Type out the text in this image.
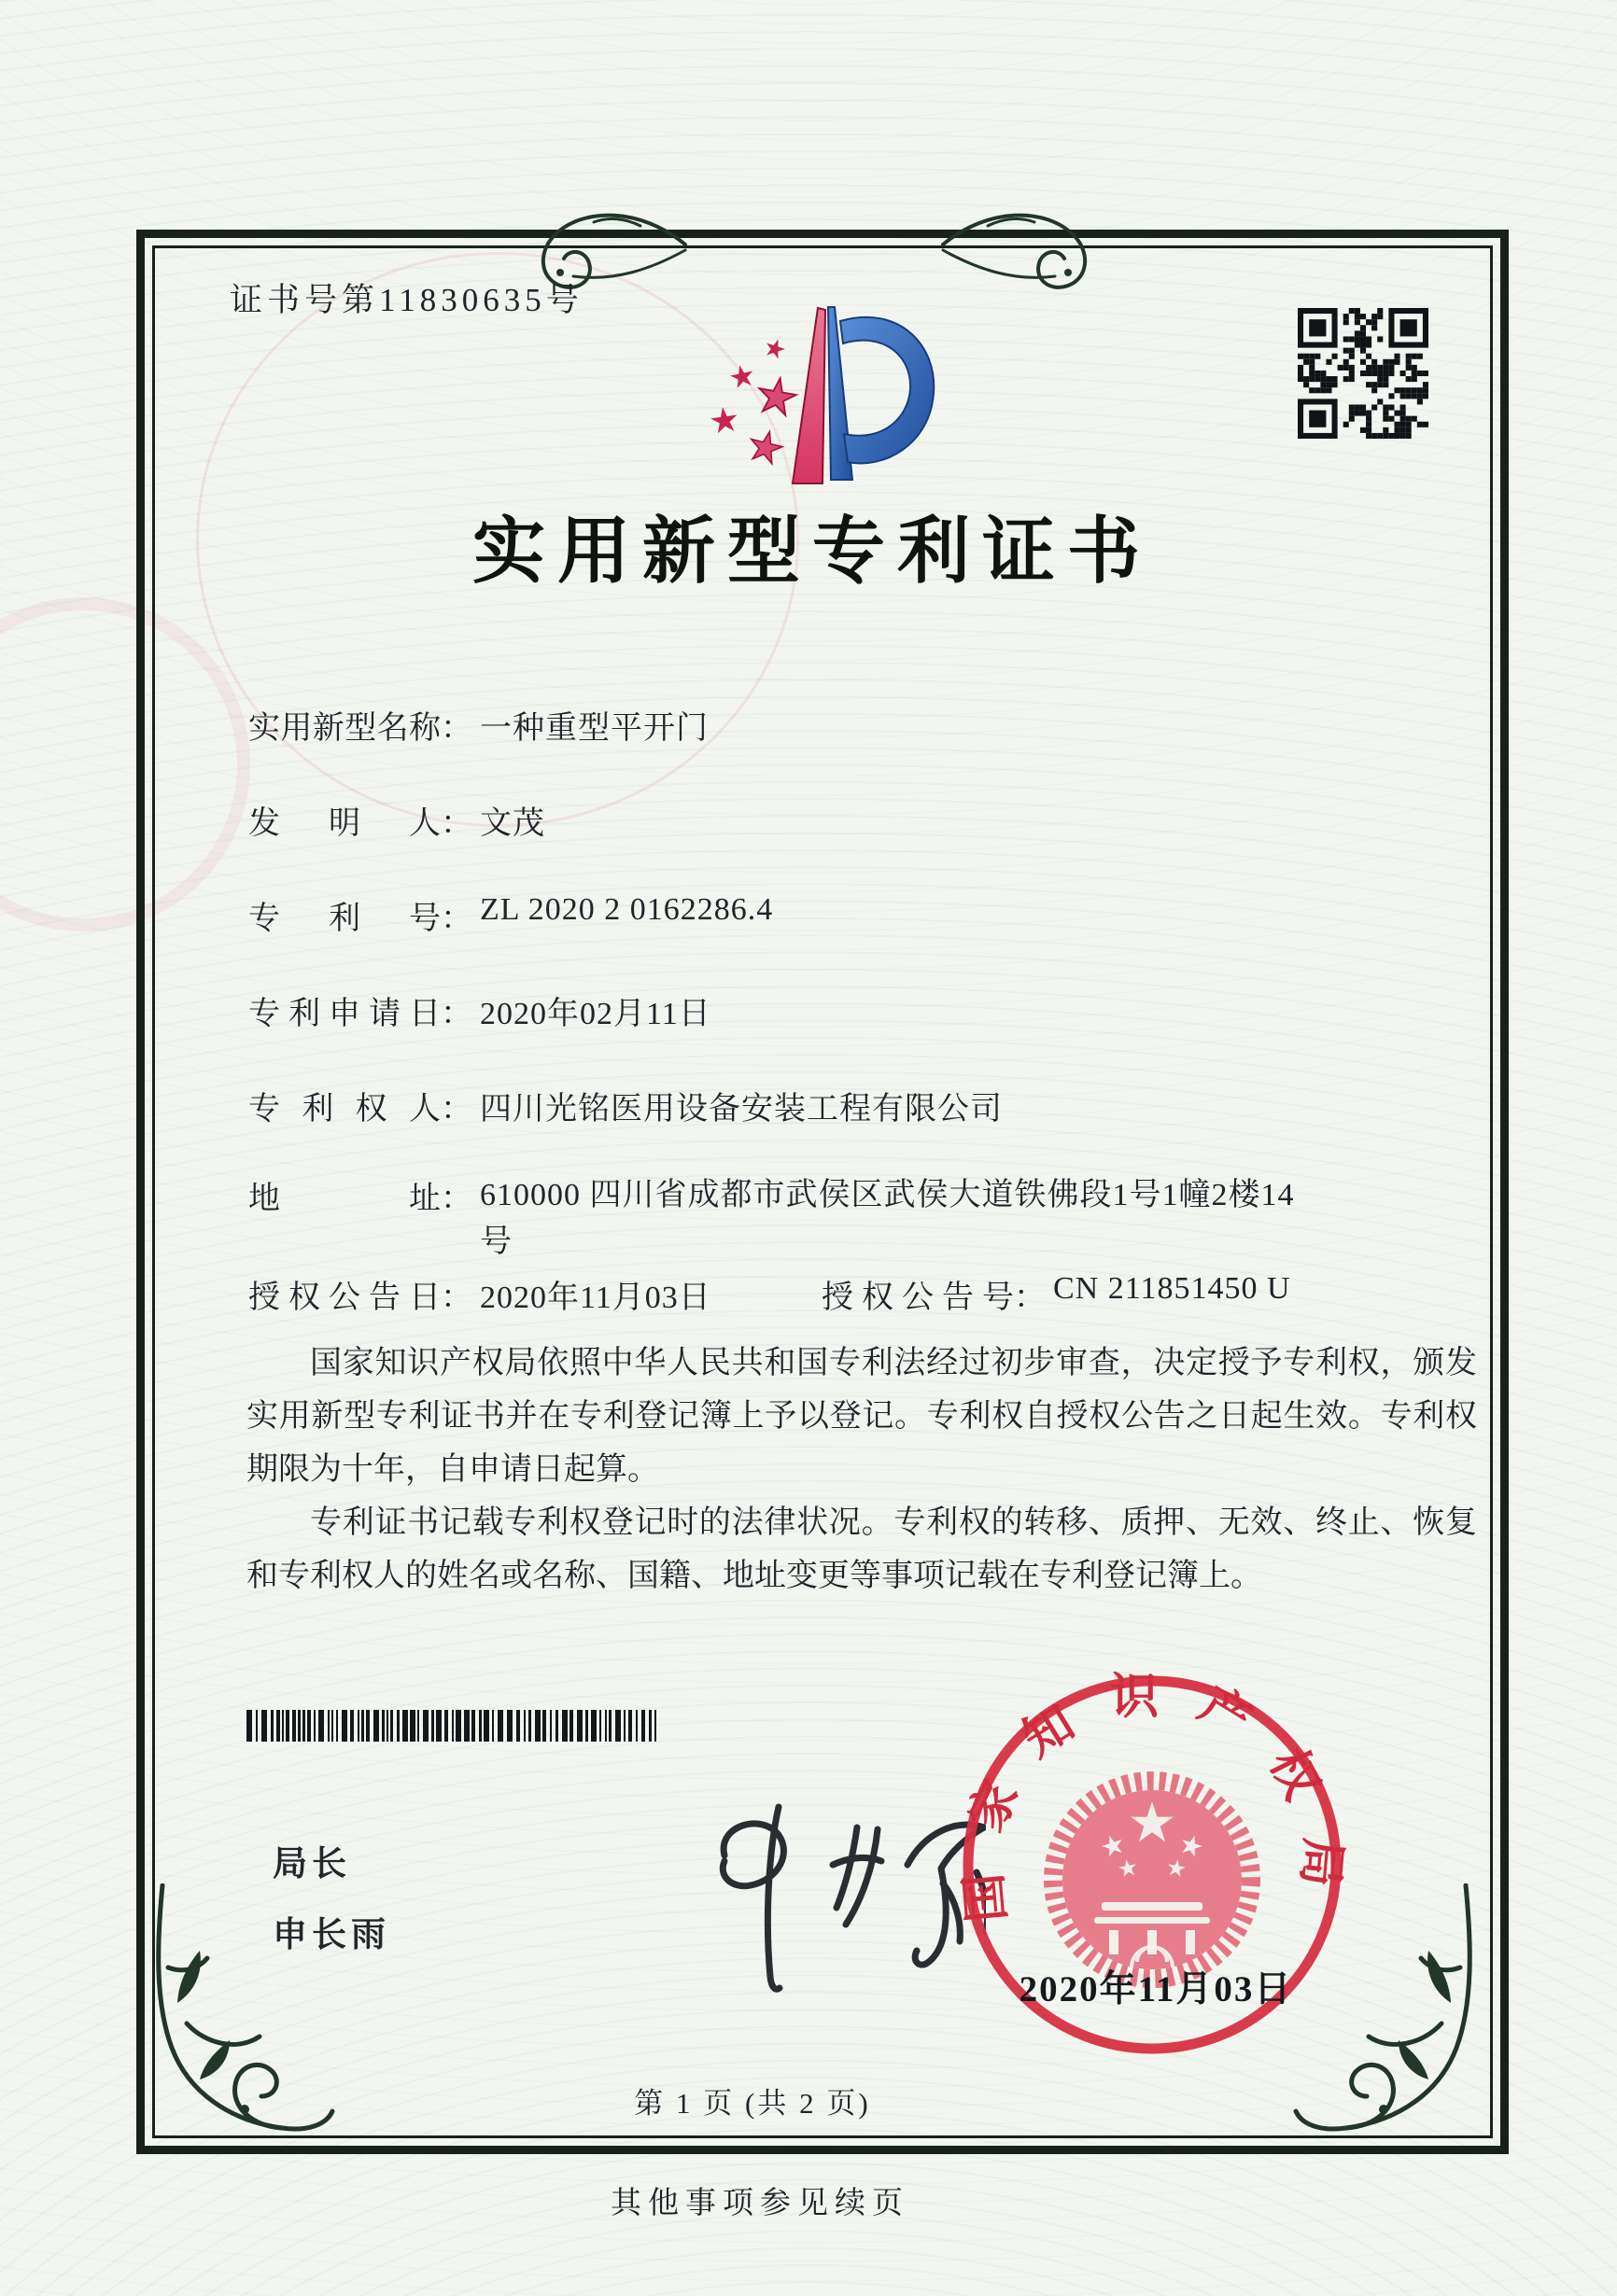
证书号第11830635号
实用新型专利证书
实用新型名称： 一种重型平开门
发明人： 文茂
专利号： ZL 2020 2 0162286.4
专利申请日： 2020年02月11日
专利权人： 四川光铭医用设备安装工程有限公司
地址： 610000 四川省成都市武侯区武侯大道铁佛段1号1幢2楼14号
授权公告日： 2020年11月03日	授权公告号： CN 211851450 U

国家知识产权局依照中华人民共和国专利法经过初步审查，决定授予专利权，颁发实用新型专利证书并在专利登记簿上予以登记。专利权自授权公告之日起生效。专利权期限为十年，自申请日起算。

专利证书记载专利权登记时的法律状况。专利权的转移、质押、无效、终止、恢复和专利权人的姓名或名称、国籍、地址变更等事项记载在专利登记簿上。

局长
申长雨
国家知识产权局
2020年11月03日
第 1 页 (共 2 页)
其他事项参见续页
